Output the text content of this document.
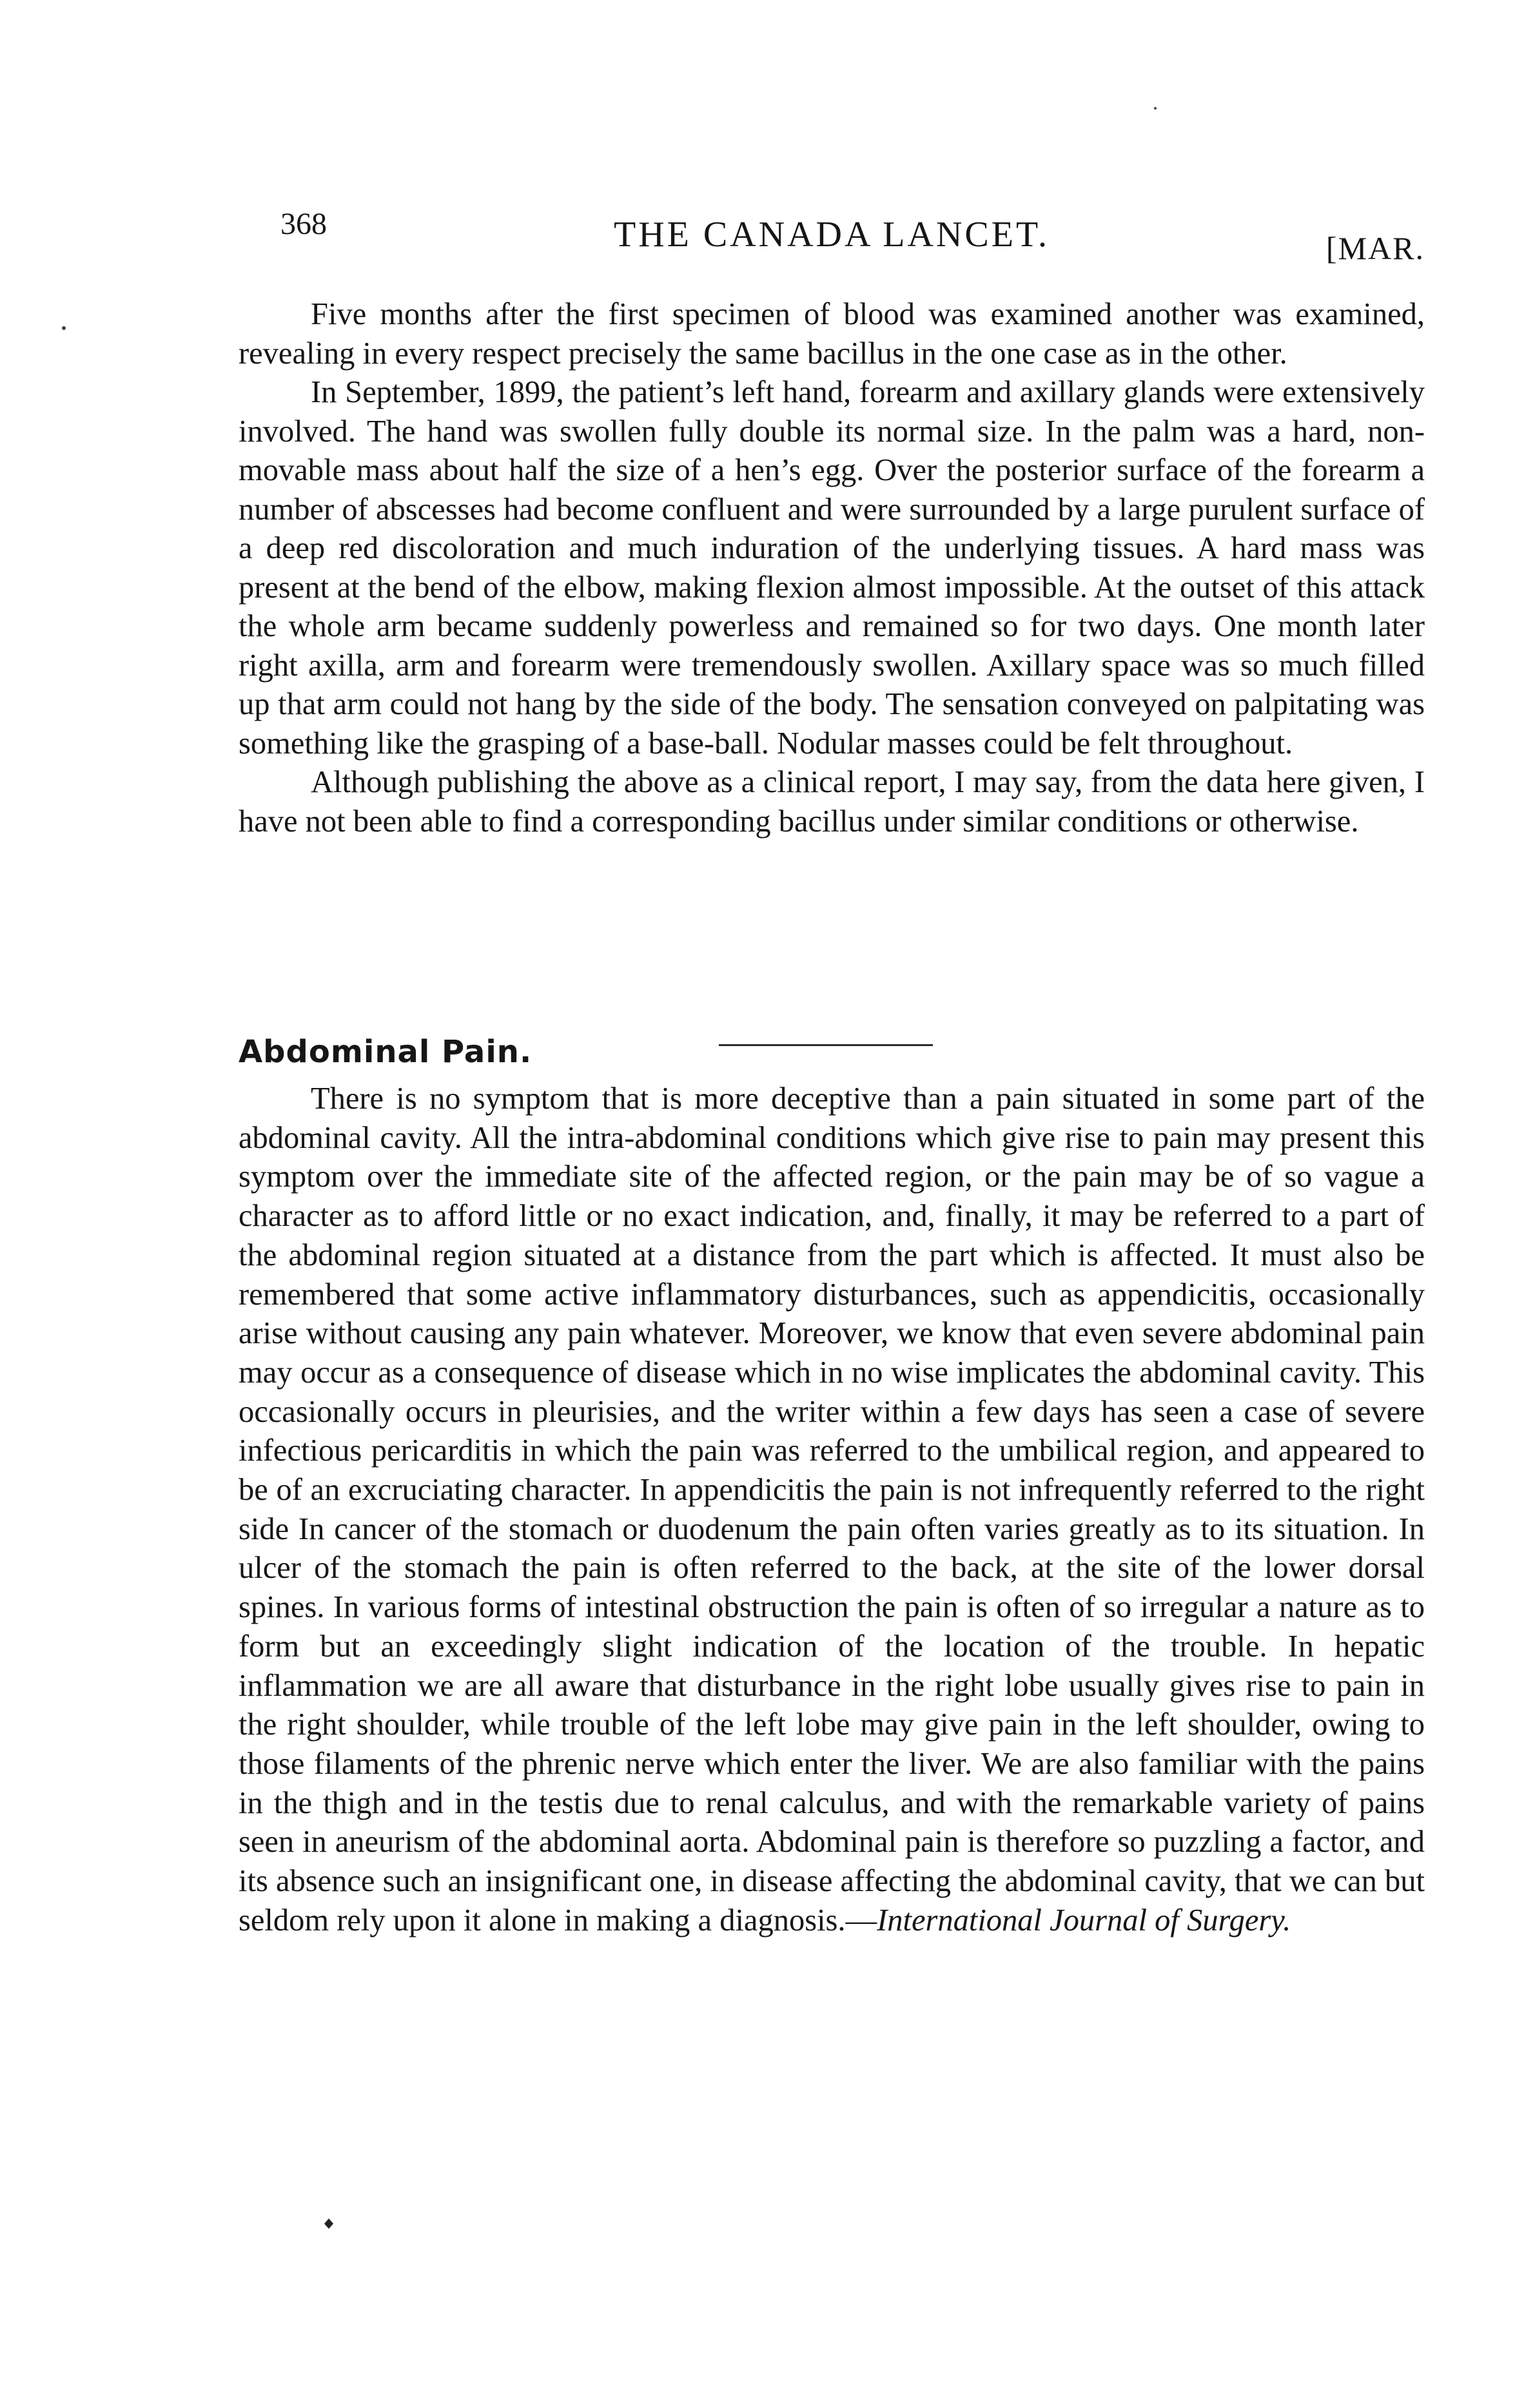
368	THE CANADA LANCET.	[MAR.

Five months after the first specimen of blood was examined another was examined, revealing in every respect precisely the same bacillus in the one case as in the other.

In September, 1899, the patient’s left hand, forearm and axillary glands were extensively involved. The hand was swollen fully double its normal size. In the palm was a hard, non-movable mass about half the size of a hen’s egg. Over the posterior surface of the forearm a number of abscesses had become confluent and were surrounded by a large purulent surface of a deep red discoloration and much induration of the underlying tissues. A hard mass was present at the bend of the elbow, making flexion almost impossible. At the outset of this attack the whole arm became suddenly powerless and remained so for two days. One month later right axilla, arm and forearm were tremendously swollen. Axillary space was so much filled up that arm could not hang by the side of the body. The sensation conveyed on palpitating was something like the grasping of a base-ball. Nodular masses could be felt throughout.

Although publishing the above as a clinical report, I may say, from the data here given, I have not been able to find a corresponding bacillus under similar conditions or otherwise.

Abdominal Pain.

There is no symptom that is more deceptive than a pain situated in some part of the abdominal cavity. All the intra-abdominal conditions which give rise to pain may present this symptom over the immediate site of the affected region, or the pain may be of so vague a character as to afford little or no exact indication, and, finally, it may be referred to a part of the abdominal region situated at a distance from the part which is affected. It must also be remembered that some active inflammatory disturbances, such as appendicitis, occasionally arise without causing any pain whatever. Moreover, we know that even severe abdominal pain may occur as a consequence of disease which in no wise implicates the abdominal cavity. This occasionally occurs in pleurisies, and the writer within a few days has seen a case of severe infectious pericarditis in which the pain was referred to the umbilical region, and appeared to be of an excruciating character. In appendicitis the pain is not infrequently referred to the right side In cancer of the stomach or duodenum the pain often varies greatly as to its situation. In ulcer of the stomach the pain is often referred to the back, at the site of the lower dorsal spines. In various forms of intestinal obstruction the pain is often of so irregular a nature as to form but an exceedingly slight indication of the location of the trouble. In hepatic inflammation we are all aware that disturbance in the right lobe usually gives rise to pain in the right shoulder, while trouble of the left lobe may give pain in the left shoulder, owing to those filaments of the phrenic nerve which enter the liver. We are also familiar with the pains in the thigh and in the testis due to renal calculus, and with the remarkable variety of pains seen in aneurism of the abdominal aorta. Abdominal pain is therefore so puzzling a factor, and its absence such an insignificant one, in disease affecting the abdominal cavity, that we can but seldom rely upon it alone in making a diagnosis.—International Journal of Surgery.
